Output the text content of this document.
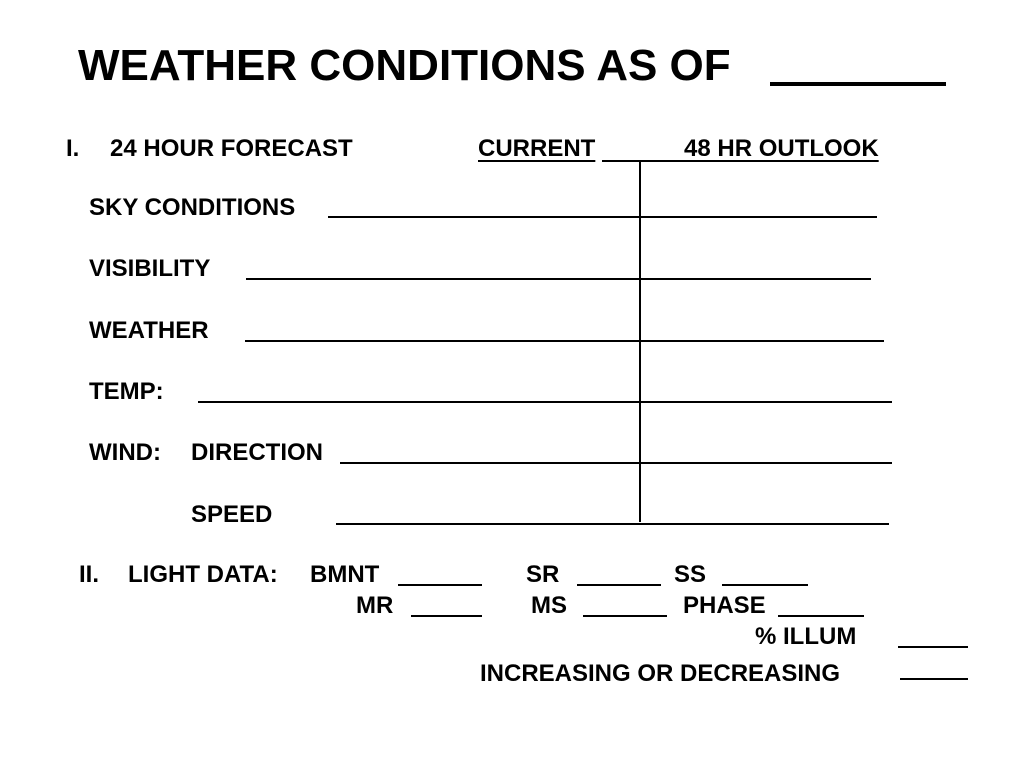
WEATHER CONDITIONS AS OF
I. 24 HOUR FORECAST	CURRENT	48 HR OUTLOOK
SKY CONDITIONS
VISIBILITY
WEATHER
TEMP:
WIND: DIRECTION
SPEED
II. LIGHT DATA: BMNT	SR	SS
MR	MS	PHASE
% ILLUM
INCREASING OR DECREASING
